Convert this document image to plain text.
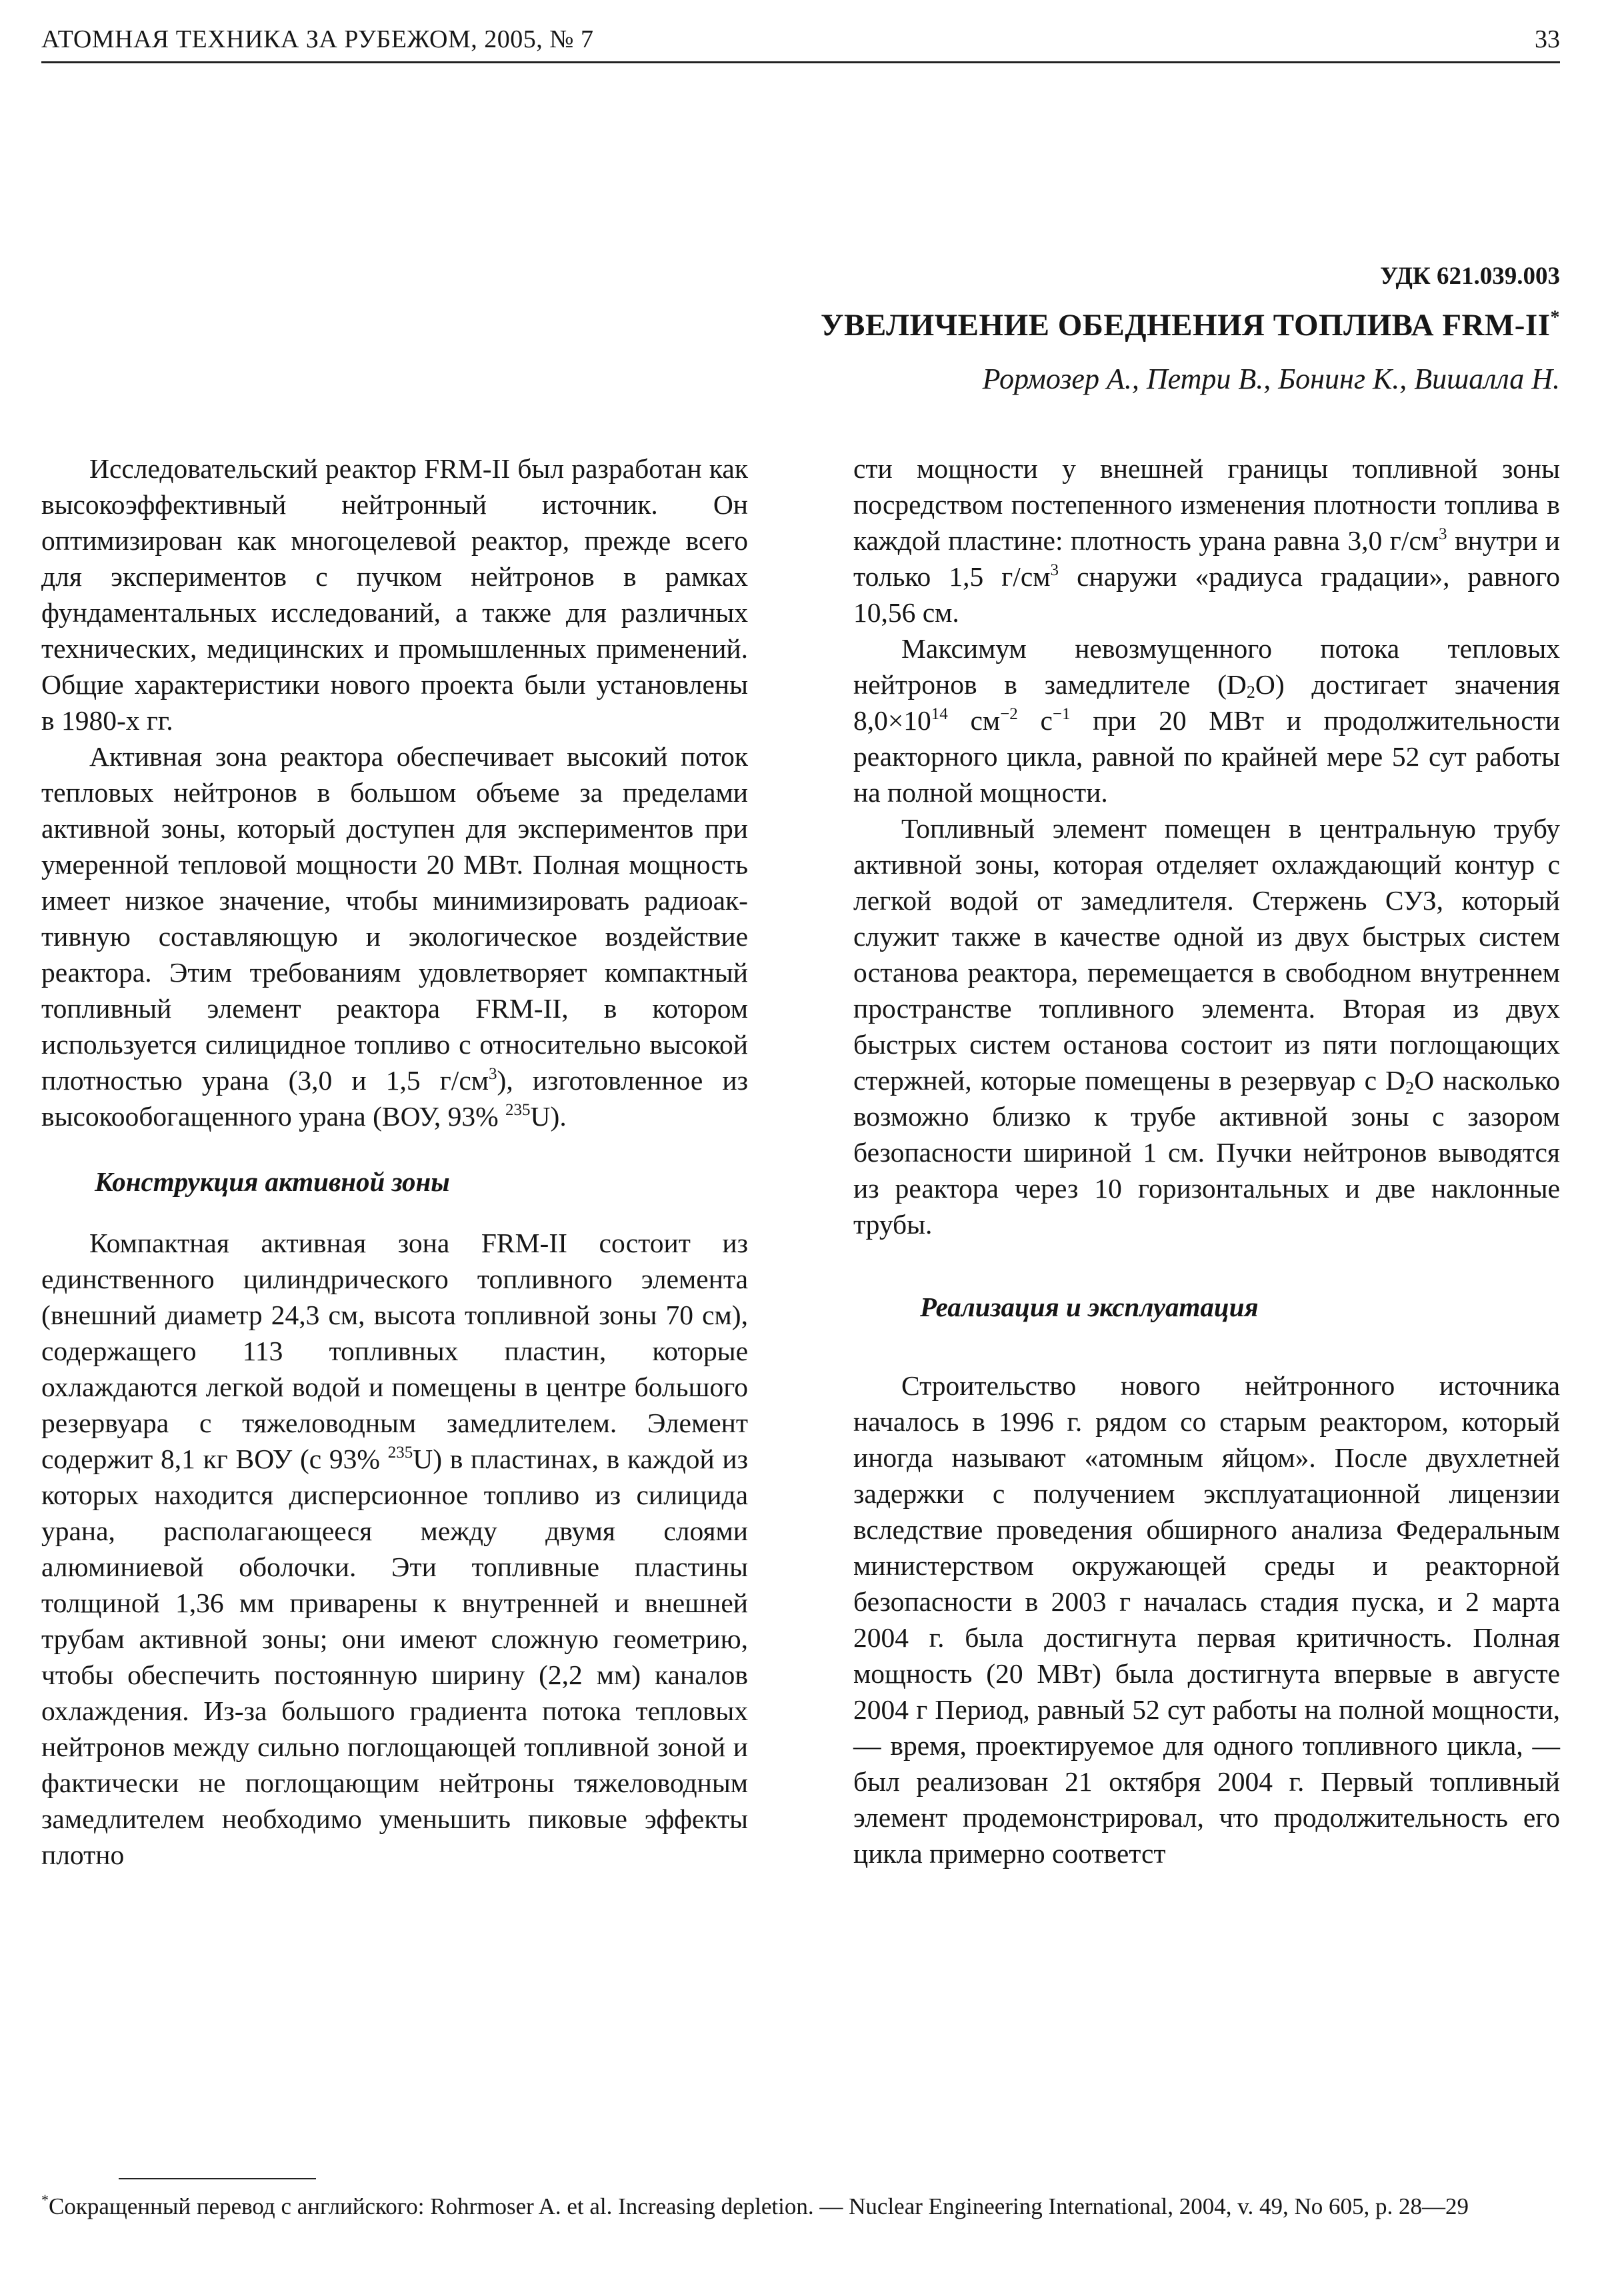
АТОМНАЯ ТЕХНИКА ЗА РУБЕЖОМ, 2005, № 7	33
УДК 621.039.003
УВЕЛИЧЕНИЕ ОБЕДНЕНИЯ ТОПЛИВА FRM-II*
Рормозер А., Петри В., Бонинг К., Вишалла Н.

Исследовательский реактор FRM-II был разработан как высокоэффективный нейтронный источник. Он оптимизирован как многоцелевой реактор, прежде всего для экспериментов с пучком нейтронов в рамках фундаментальных исследований, а также для различных технических, медицинских и промышленных применений. Общие характеристики нового проекта были установлены в 1980-х гг.

Активная зона реактора обеспечивает высокий поток тепловых нейтронов в большом объеме за пределами активной зоны, который доступен для экспериментов при умеренной тепловой мощности 20 МВт. Полная мощность имеет низкое значение, чтобы минимизировать радиоактивную составляющую и экологическое воздействие реактора. Этим требованиям удовлетворяет компактный топливный элемент реактора FRM-II, в котором используется силицидное топливо с относительно высокой плотностью урана (3,0 и 1,5 $г/см^3$), изготовленное из высокообогащенного урана (ВОУ, 93% $^{235}$U).

Конструкция активной зоны

Компактная активная зона FRM-II состоит из единственного цилиндрического топливного элемента (внешний диаметр 24,3 см, высота топливной зоны 70 см), содержащего 113 топливных пластин, которые охлаждаются легкой водой и помещены в центре большого резервуара с тяжеловодным замедлителем. Элемент содержит 8,1 кг ВОУ (с 93% $^{235}$U) в пластинах, в каждой из которых находится дисперсионное топливо из силицида урана, располагающееся между двумя слоями алюминиевой оболочки. Эти топливные пластины толщиной 1,36 мм приварены к внутренней и внешней трубам активной зоны; они имеют сложную геометрию, чтобы обеспечить постоянную ширину (2,2 мм) каналов охлаждения. Из-за большого градиента потока тепловых нейтронов между сильно поглощающей топливной зоной и фактически не поглощающим нейтроны тяжеловодным замедлителем необходимо уменьшить пиковые эффекты плотно

сти мощности у внешней границы топливной зоны посредством постепенного изменения плотности топлива в каждой пластине: плотность урана равна 3,0 $г/см^3$ внутри и только 1,5 $г/см^3$ снаружи «радиуса градации», равного 10,56 см.

Максимум невозмущенного потока тепловых нейтронов в замедлителе $(D_2O)$ достигает значения $8,0\times 10^{14}$ $см^{-2}$ $с^{-1}$ при 20 МВт и продолжительности реакторного цикла, равной по крайней мере 52 сут работы на полной мощности.

Топливный элемент помещен в центральную трубу активной зоны, которая отделяет охлаждающий контур с легкой водой от замедлителя. Стержень СУЗ, который служит также в качестве одной из двух быстрых систем останова реактора, перемещается в свободном внутреннем пространстве топливного элемента. Вторая из двух быстрых систем останова состоит из пяти поглощающих стержней, которые помещены в резервуар с $D_2O$ насколько возможно близко к трубе активной зоны с зазором безопасности шириной 1 см. Пучки нейтронов выводятся из реактора через 10 горизонтальных и две наклонные трубы.

Реализация и эксплуатация

Строительство нового нейтронного источника началось в 1996 г. рядом со старым реактором, который иногда называют «атомным яйцом». После двухлетней задержки с получением эксплуатационной лицензии вследствие проведения обширного анализа Федеральным министерством окружающей среды и реакторной безопасности в 2003 г началась стадия пуска, и 2 марта 2004 г. была достигнута первая критичность. Полная мощность (20 МВт) была достигнута впервые в августе 2004 г Период, равный 52 сут работы на полной мощности, — время, проектируемое для одного топливного цикла, — был реализован 21 октября 2004 г. Первый топливный элемент продемонстрировал, что продолжительность его цикла примерно соответст

*Сокращенный перевод с английского: Rohrmoser A. et al. Increasing depletion. — Nuclear Engineering International, 2004, v. 49, No 605, p. 28—29
